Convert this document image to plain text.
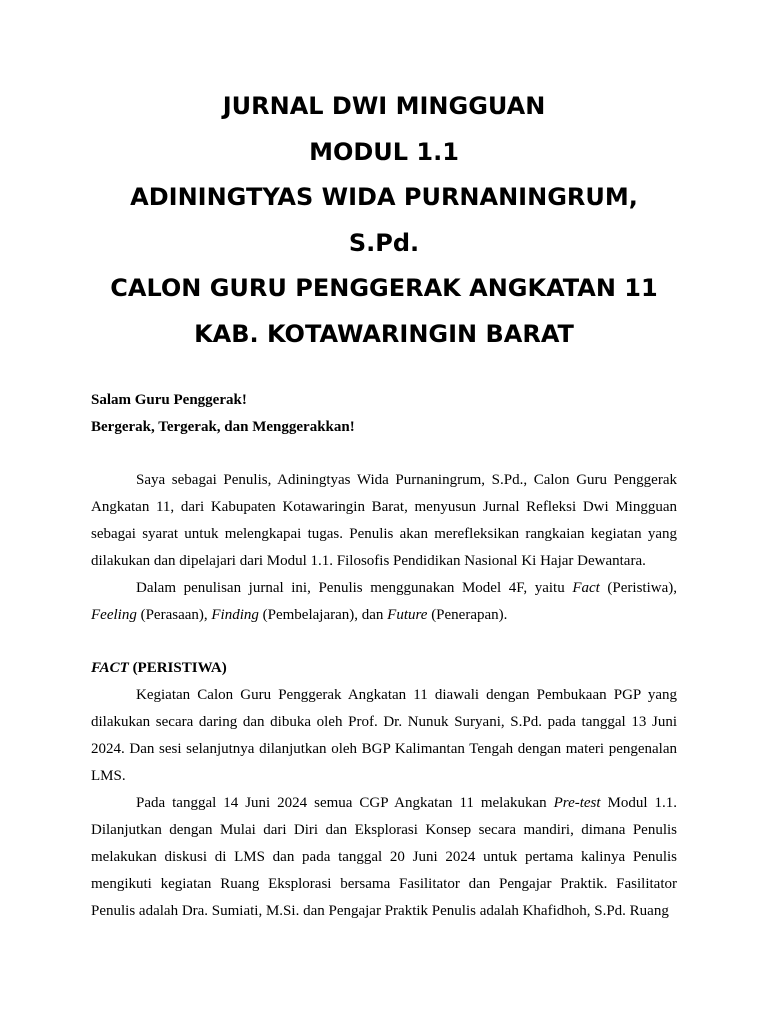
JURNAL DWI MINGGUAN
MODUL 1.1
ADININGTYAS WIDA PURNANINGRUM,
S.Pd.
CALON GURU PENGGERAK ANGKATAN 11
KAB. KOTAWARINGIN BARAT
Salam Guru Penggerak!
Bergerak, Tergerak, dan Menggerakkan!

Saya sebagai Penulis, Adiningtyas Wida Purnaningrum, S.Pd., Calon Guru Penggerak Angkatan 11, dari Kabupaten Kotawaringin Barat, menyusun Jurnal Refleksi Dwi Mingguan sebagai syarat untuk melengkapai tugas. Penulis akan merefleksikan rangkaian kegiatan yang dilakukan dan dipelajari dari Modul 1.1. Filosofis Pendidikan Nasional Ki Hajar Dewantara.

Dalam penulisan jurnal ini, Penulis menggunakan Model 4F, yaitu Fact (Peristiwa), Feeling (Perasaan), Finding (Pembelajaran), dan Future (Penerapan).

FACT (PERISTIWA)

Kegiatan Calon Guru Penggerak Angkatan 11 diawali dengan Pembukaan PGP yang dilakukan secara daring dan dibuka oleh Prof. Dr. Nunuk Suryani, S.Pd. pada tanggal 13 Juni 2024. Dan sesi selanjutnya dilanjutkan oleh BGP Kalimantan Tengah dengan materi pengenalan LMS.

Pada tanggal 14 Juni 2024 semua CGP Angkatan 11 melakukan Pre-test Modul 1.1. Dilanjutkan dengan Mulai dari Diri dan Eksplorasi Konsep secara mandiri, dimana Penulis melakukan diskusi di LMS dan pada tanggal 20 Juni 2024 untuk pertama kalinya Penulis mengikuti kegiatan Ruang Eksplorasi bersama Fasilitator dan Pengajar Praktik. Fasilitator Penulis adalah Dra. Sumiati, M.Si. dan Pengajar Praktik Penulis adalah Khafidhoh, S.Pd. Ruang
